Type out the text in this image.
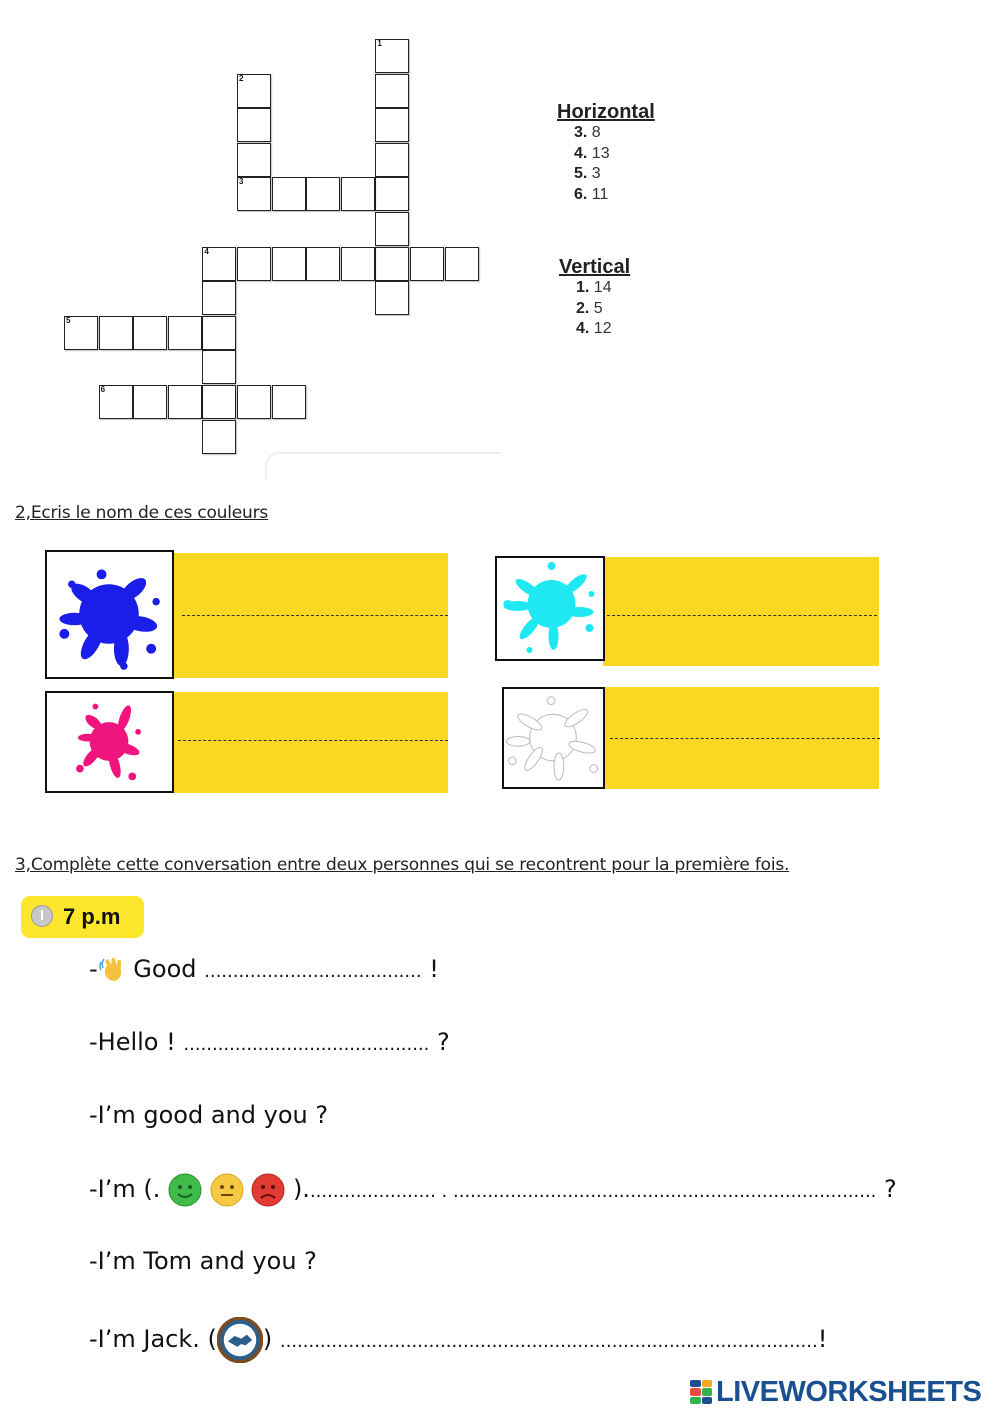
1
2
3
4
5
6
Horizontal
3. 8
4. 13
5. 3
6. 11
Vertical
1. 14
2. 5
4. 12
2,Ecris le nom de ces couleurs
3,Complète cette conversation entre deux personnes qui se recontrent pour la première fois.
7 p.m
- Good ...................................... !
-Hello ! ........................................... ?
-I’m good and you ?
-I’m (.	)....................... . .......................................................................... ?
-I’m Tom and you ?
-I’m Jack. ( ) ..............................................................................................!
LIVEWORKSHEETS
